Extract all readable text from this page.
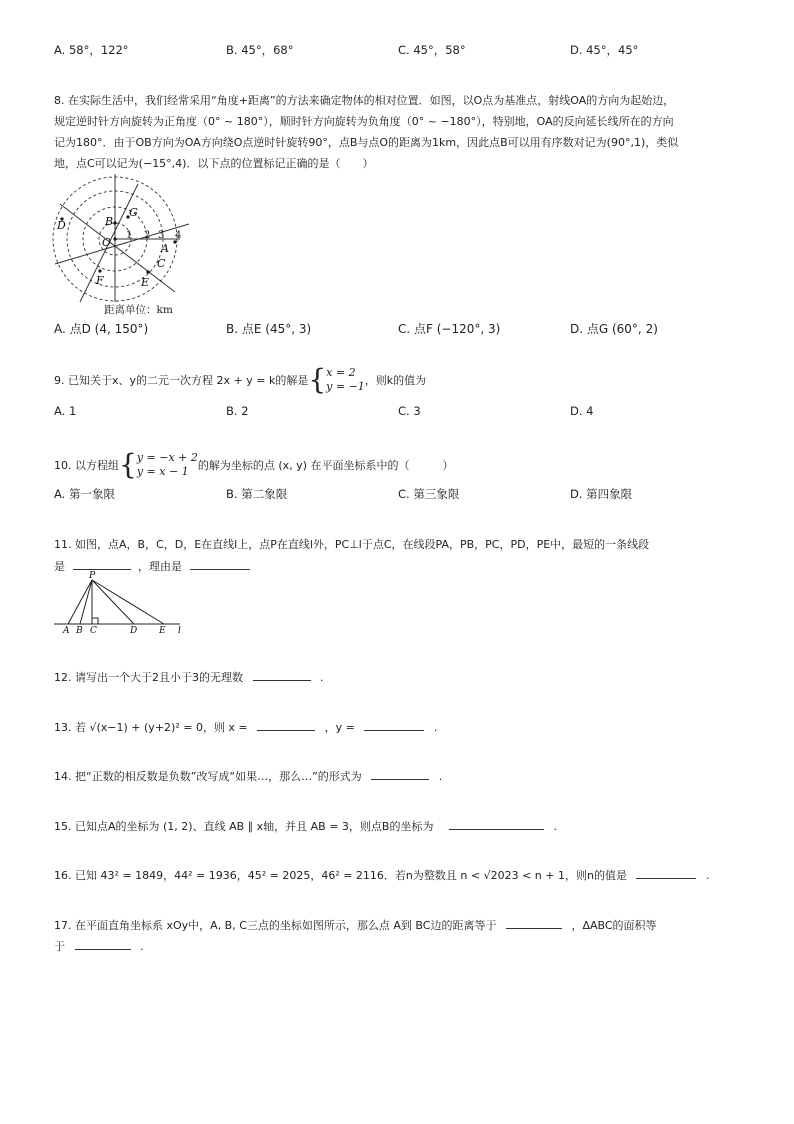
A. 58°，122°	B. 45°，68°	C. 45°，58°	D. 45°，45°
8. 在实际生活中，我们经常采用“角度+距离”的方法来确定物体的相对位置．如图，以O点为基准点，射线OA的方向为起始边，
规定逆时针方向旋转为正角度（0° ~ 180°），顺时针方向旋转为负角度（0° ~ −180°），特别地，OA的反向延长线所在的方向
记为180°．由于OB方向为OA方向绕O点逆时针旋转90°，点B与点O的距离为1km，因此点B可以用有序数对记为(90°,1)，类似
地，点C可以记为(−15°,4)．以下点的位置标记正确的是（　　）
D	B
G
O	A
C
F	E
1 2 3 4
距离单位：km
A. 点D (4, 150°)	B. 点E (45°, 3)	C. 点F (−120°, 3)	D. 点G (60°, 2)
9. 已知关于x、y的二元一次方程 2x + y = k的解是 { x = 2
y = −1 ，则k的值为
A. 1	B. 2	C. 3	D. 4
10. 以方程组 { y = −x + 2
y = x − 1 的解为坐标的点 (x, y) 在平面坐标系中的（　　　）
A. 第一象限	B. 第二象限	C. 第三象限	D. 第四象限
11. 如图，点A，B，C，D，E在直线l上，点P在直线l外，PC⊥l于点C，在线段PA，PB，PC，PD，PE中，最短的一条线段
是	，理由是
P
A B C	D E l
12. 请写出一个大于2且小于3的无理数	.
13. 若 √(x−1) + (y+2)² = 0，则 x =	，y =	.
14. 把“正数的相反数是负数”改写成“如果…，那么…”的形式为	.
15. 已知点A的坐标为 (1, 2)、直线 AB ∥ x轴，并且 AB = 3，则点B的坐标为	.
16. 已知 43² = 1849，44² = 1936，45² = 2025，46² = 2116．若n为整数且 n < √2023 < n + 1，则n的值是	.
17. 在平面直角坐标系 xOy中，A, B, C三点的坐标如图所示，那么点 A到 BC边的距离等于	，ΔABC的面积等
于	.
